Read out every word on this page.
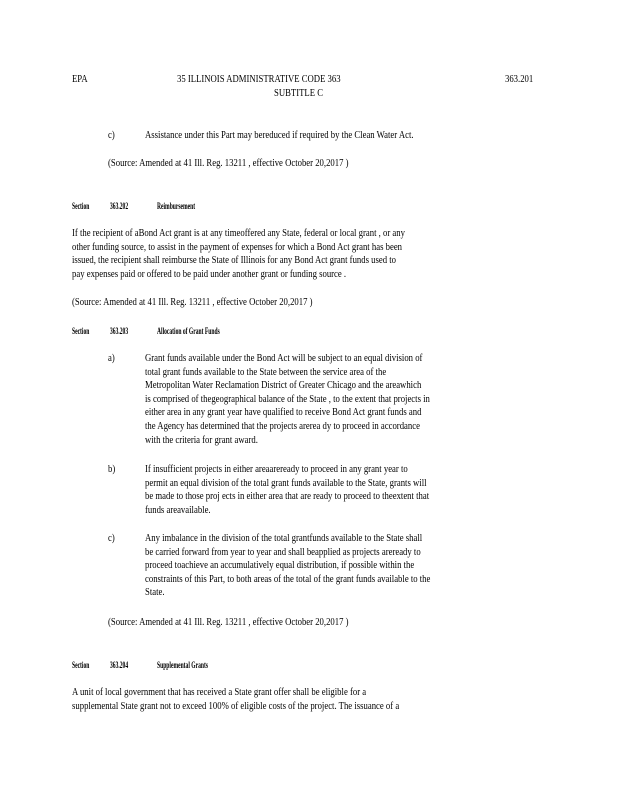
EPA	35 ILLINOIS ADMINISTRATIVE CODE 363
SUBTITLE C
363.201
c)	Assistance under this Part may bereduced if required by the Clean Water Act.
(Source: Amended at 41 Ill. Reg. 13211 , effective October 20,2017 )
Section 363.202	Reimbursement
If the recipient of aBond Act grant is at any timeoffered any State, federal or local grant , or any
other funding source, to assist in the payment of expenses for which a Bond Act grant has been
issued, the recipient shall reimburse the State of Illinois for any Bond Act grant funds used to
pay expenses paid or offered to be paid under another grant or funding source .
(Source: Amended at 41 Ill. Reg. 13211 , effective October 20,2017 )
Section 363.203	Allocation of Grant Funds
a)	Grant funds available under the Bond Act will be subject to an equal division of
total grant funds available to the State between the service area of the
Metropolitan Water Reclamation District of Greater Chicago and the areawhich
is comprised of thegeographical balance of the State , to the extent that projects in
either area in any grant year have qualified to receive Bond Act grant funds and
the Agency has determined that the projects arerea dy to proceed in accordance
with the criteria for grant award.
b)	If insufficient projects in either areaareready to proceed in any grant year to
permit an equal division of the total grant funds available to the State, grants will
be made to those proj ects in either area that are ready to proceed to theextent that
funds areavailable.
c)	Any imbalance in the division of the total grantfunds available to the State shall
be carried forward from year to year and shall beapplied as projects areready to
proceed toachieve an accumulatively equal distribution, if possible within the
constraints of this Part, to both areas of the total of the grant funds available to the
State.
(Source: Amended at 41 Ill. Reg. 13211 , effective October 20,2017 )
Section 363.204	Supplemental Grants
A unit of local government that has received a State grant offer shall be eligible for a
supplemental State grant not to exceed 100% of eligible costs of the project. The issuance of a
